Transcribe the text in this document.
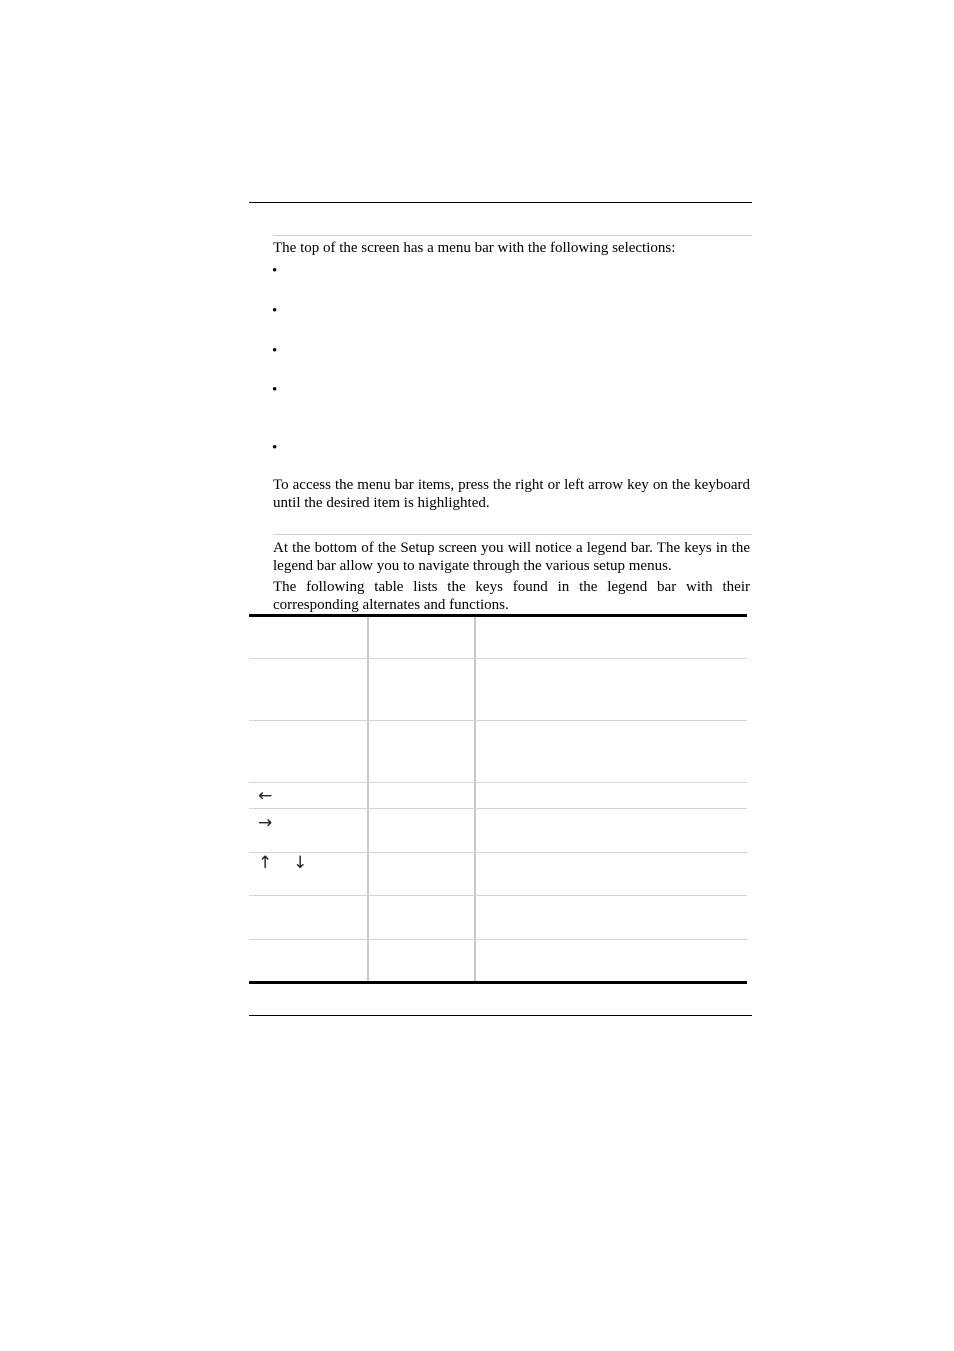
The top of the screen has a menu bar with the following selections:

•
•
•
•
•

To access the menu bar items, press the right or left arrow key on the keyboard until the desired item is highlighted.

At the bottom of the Setup screen you will notice a legend bar. The keys in the legend bar allow you to navigate through the various setup menus.

The following table lists the keys found in the legend bar with their corresponding alternates and functions.

←
→
↑ ↓
